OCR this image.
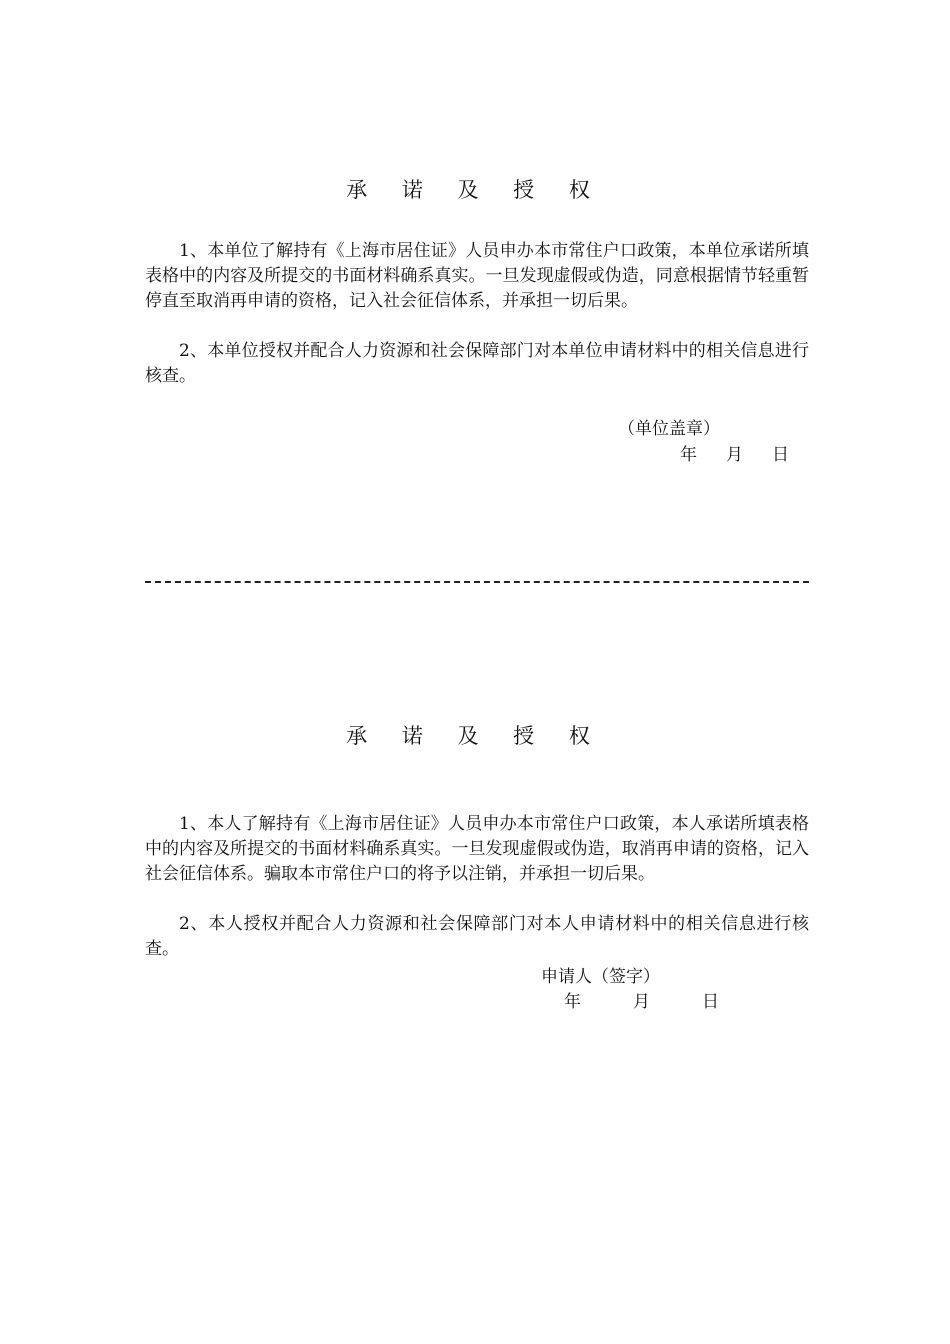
承 诺 及 授 权

1、本单位了解持有《上海市居住证》人员申办本市常住户口政策，本单位承诺所填表格中的内容及所提交的书面材料确系真实。一旦发现虚假或伪造，同意根据情节轻重暂停直至取消再申请的资格，记入社会征信体系，并承担一切后果。

2、本单位授权并配合人力资源和社会保障部门对本单位申请材料中的相关信息进行核查。

（单位盖章）
年　月　日
承 诺 及 授 权

1、本人了解持有《上海市居住证》人员申办本市常住户口政策，本人承诺所填表格中的内容及所提交的书面材料确系真实。一旦发现虚假或伪造，取消再申请的资格，记入社会征信体系。骗取本市常住户口的将予以注销，并承担一切后果。

2、本人授权并配合人力资源和社会保障部门对本人申请材料中的相关信息进行核查。

申请人（签字）
年　　月　　日
